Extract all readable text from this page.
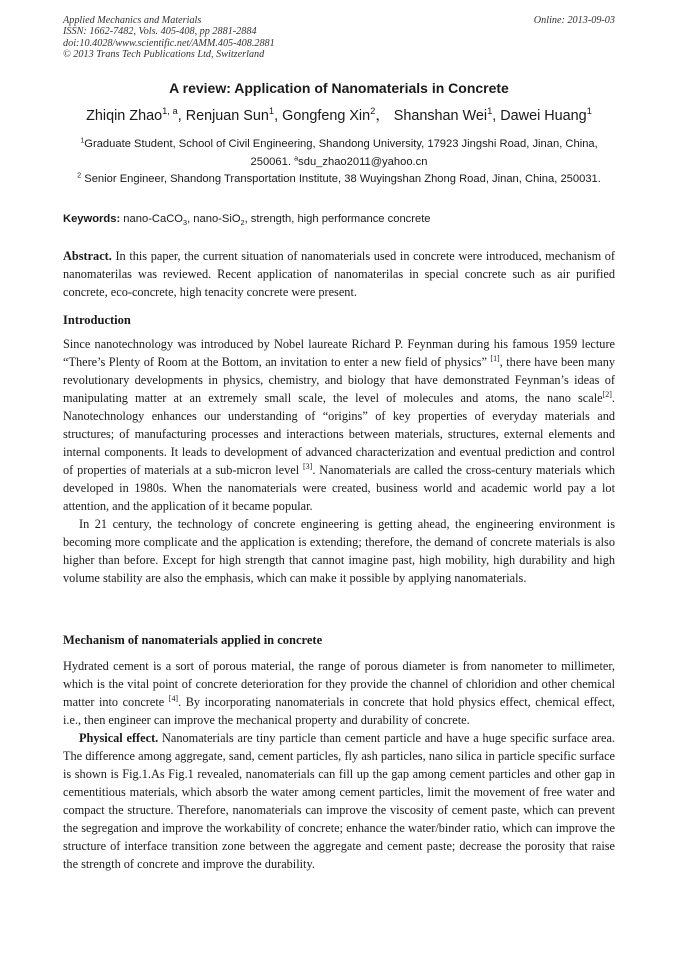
Applied Mechanics and Materials
ISSN: 1662-7482, Vols. 405-408, pp 2881-2884
doi:10.4028/www.scientific.net/AMM.405-408.2881
© 2013 Trans Tech Publications Ltd, Switzerland
Online: 2013-09-03
A review: Application of Nanomaterials in Concrete
Zhiqin Zhao$^{1, a}$, Renjuan Sun$^1$, Gongfeng Xin$^2$， Shanshan Wei$^1$, Dawei Huang$^1$
$^1$Graduate Student, School of Civil Engineering, Shandong University, 17923 Jingshi Road, Jinan, China, 250061. $^a$sdu_zhao2011@yahoo.cn
$^2$ Senior Engineer, Shandong Transportation Institute, 38 Wuyingshan Zhong Road, Jinan, China, 250031.
Keywords: nano-CaCO$_3$, nano-SiO$_2$, strength, high performance concrete

Abstract. In this paper, the current situation of nanomaterials used in concrete were introduced, mechanism of nanomaterilas was reviewed. Recent application of nanomaterilas in special concrete such as air purified concrete, eco-concrete, high tenacity concrete were present.

Introduction

Since nanotechnology was introduced by Nobel laureate Richard P. Feynman during his famous 1959 lecture “There’s Plenty of Room at the Bottom, an invitation to enter a new field of physics” [1], there have been many revolutionary developments in physics, chemistry, and biology that have demonstrated Feynman’s ideas of manipulating matter at an extremely small scale, the level of molecules and atoms, the nano scale[2]. Nanotechnology enhances our understanding of “origins” of key properties of everyday materials and structures; of manufacturing processes and interactions between materials, structures, external elements and internal components. It leads to development of advanced characterization and eventual prediction and control of properties of materials at a sub-micron level [3]. Nanomaterials are called the cross-century materials which developed in 1980s. When the nanomaterials were created, business world and academic world pay a lot attention, and the application of it became popular.

In 21 century, the technology of concrete engineering is getting ahead, the engineering environment is becoming more complicate and the application is extending; therefore, the demand of concrete materials is also higher than before. Except for high strength that cannot imagine past, high mobility, high durability and high volume stability are also the emphasis, which can make it possible by applying nanomaterials.

Mechanism of nanomaterials applied in concrete

Hydrated cement is a sort of porous material, the range of porous diameter is from nanometer to millimeter, which is the vital point of concrete deterioration for they provide the channel of chloridion and other chemical matter into concrete [4]. By incorporating nanomaterials in concrete that hold physics effect, chemical effect, i.e., then engineer can improve the mechanical property and durability of concrete.

Physical effect. Nanomaterials are tiny particle than cement particle and have a huge specific surface area. The difference among aggregate, sand, cement particles, fly ash particles, nano silica in particle specific surface is shown is Fig.1.As Fig.1 revealed, nanomaterials can fill up the gap among cement particles and other gap in cementitious materials, which absorb the water among cement particles, limit the movement of free water and compact the structure. Therefore, nanomaterials can improve the viscosity of cement paste, which can prevent the segregation and improve the workability of concrete; enhance the water/binder ratio, which can improve the structure of interface transition zone between the aggregate and cement paste; decrease the porosity that raise the strength of concrete and improve the durability.
